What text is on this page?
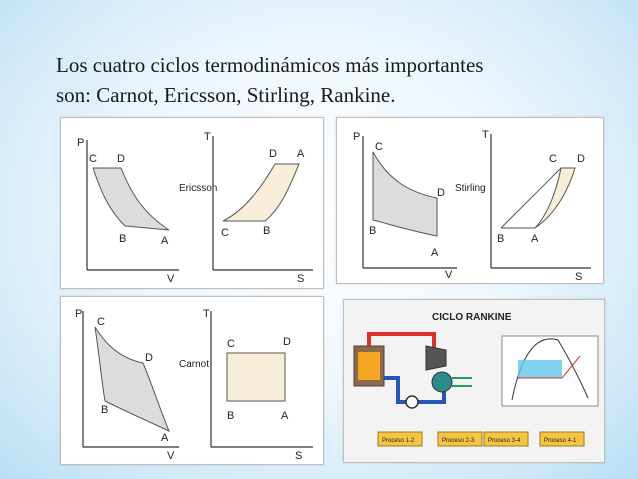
Los cuatro ciclos termodinámicos más importantes
son: Carnot, Ericsson, Stirling, Rankine.
P
V
C D
B	A
Ericsson
T
S
C	B
D A
P
V
C
D
B
A
Stirling
T
S
C D
B A
P
V
C
D
B
A
Carnot
T
S
C	D
B	A
CICLO RANKINE
Proceso 1-2	Proceso 2-3 Proceso 3-4	Proceso 4-1
